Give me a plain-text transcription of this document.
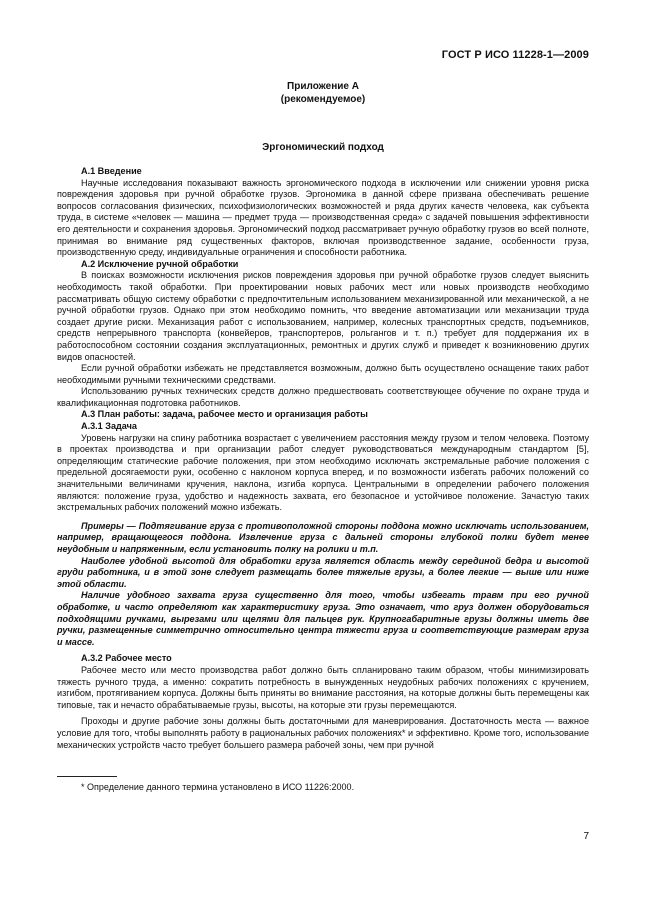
ГОСТ Р ИСО 11228-1—2009
Приложение А
(рекомендуемое)
Эргономический подход

А.1 Введение

Научные исследования показывают важность эргономического подхода в исключении или снижении уровня риска повреждения здоровья при ручной обработке грузов. Эргономика в данной сфере призвана обеспечивать решение вопросов согласования физических, психофизиологических возможностей и ряда других качеств человека, как субъекта труда, в системе «человек — машина — предмет труда — производственная среда» с задачей повышения эффективности его деятельности и сохранения здоровья. Эргономический подход рассматривает ручную обработку грузов во всей полноте, принимая во внимание ряд существенных факторов, включая производственное задание, особенности груза, производственную среду, индивидуальные ограничения и способности работника.

А.2 Исключение ручной обработки

В поисках возможности исключения рисков повреждения здоровья при ручной обработке грузов следует выяснить необходимость такой обработки. При проектировании новых рабочих мест или новых производств необходимо рассматривать общую систему обработки с предпочтительным использованием механизированной или механической, а не ручной обработки грузов. Однако при этом необходимо помнить, что введение автоматизации или механизации труда создает другие риски. Механизация работ с использованием, например, колесных транспортных средств, подъемников, средств непрерывного транспорта (конвейеров, транспортеров, рольгангов и т. п.) требует для поддержания их в работоспособном состоянии создания эксплуатационных, ремонтных и других служб и приведет к возникновению других видов опасностей.

Если ручной обработки избежать не представляется возможным, должно быть осуществлено оснащение таких работ необходимыми ручными техническими средствами.

Использованию ручных технических средств должно предшествовать соответствующее обучение по охране труда и квалификационная подготовка работников.

А.3 План работы: задача, рабочее место и организация работы

А.3.1 Задача

Уровень нагрузки на спину работника возрастает с увеличением расстояния между грузом и телом человека. Поэтому в проектах производства и при организации работ следует руководствоваться международным стандартом [5], определяющим статические рабочие положения, при этом необходимо исключать экстремальные рабочие положения с предельной досягаемости руки, особенно с наклоном корпуса вперед, и по возможности избегать рабочих положений со значительными величинами кручения, наклона, изгиба корпуса. Центральными в определении рабочего положения являются: положение груза, удобство и надежность захвата, его безопасное и устойчивое положение. Зачастую таких экстремальных рабочих положений можно избежать.

Примеры — Подтягивание груза с противоположной стороны поддона можно исключать использованием, например, вращающегося поддона. Извлечение груза с дальней стороны глубокой полки будет менее неудобным и напряженным, если установить полку на ролики и т.п.

Наиболее удобной высотой для обработки груза является область между серединой бедра и высотой груди работника, и в этой зоне следует размещать более тяжелые грузы, а более легкие — выше или ниже этой области.

Наличие удобного захвата груза существенно для того, чтобы избегать травм при его ручной обработке, и часто определяют как характеристику груза. Это означает, что груз должен оборудоваться подходящими ручками, вырезами или щелями для пальцев рук. Крупногабаритные грузы должны иметь две ручки, размещенные симметрично относительно центра тяжести груза и соответствующие размерам груза и массе.

А.3.2 Рабочее место

Рабочее место или место производства работ должно быть спланировано таким образом, чтобы минимизировать тяжесть ручного труда, а именно: сократить потребность в вынужденных неудобных рабочих положениях с кручением, изгибом, протягиванием корпуса. Должны быть приняты во внимание расстояния, на которые должны быть перемещены как типовые, так и нечасто обрабатываемые грузы, высоты, на которые эти грузы перемещаются.

Проходы и другие рабочие зоны должны быть достаточными для маневрирования. Достаточность места — важное условие для того, чтобы выполнять работу в рациональных рабочих положениях* и эффективно. Кроме того, использование механических устройств часто требует большего размера рабочей зоны, чем при ручной

* Определение данного термина установлено в ИСО 11226:2000.
7
